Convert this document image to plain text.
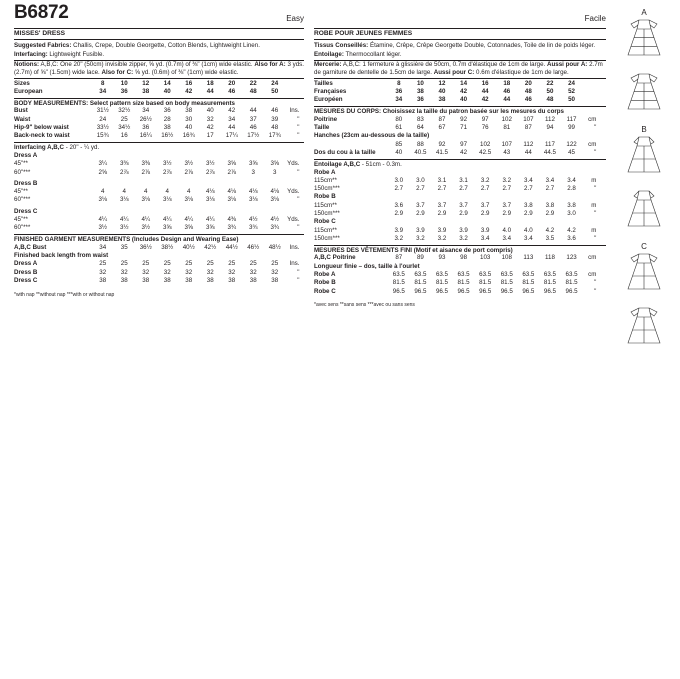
B6872	Easy
MISSES' DRESS

Suggested Fabrics: Challis, Crepe, Double Georgette, Cotton Blends, Lightweight Linen.

Interfacing: Lightweight Fusible.

Notions: A,B,C: One 20" (50cm) invisible zipper, ⅝ yd. (0.7m) of ⅜" (1cm) wide elastic. Also for A: 3 yds.(2.7m) of ⅝" (1.5cm) wide lace. Also for C: ⅝ yd. (0.6m) of ⅜" (1cm) wide elastic.

Sizes	8	10	12	14	16	18	20	22	24
European	34	36	38	40	42	44	46	48	50
BODY MEASUREMENTS: Select pattern size based on body measurements
Bust	31½	32½	34	36	38	40	42	44	46	Ins.
Waist	24	25	26½	28	30	32	34	37	39	"
Hip-9" below waist	33½	34½	36	38	40	42	44	46	48	"
Back-neck to waist	15¾	16	16¼	16½	16¾	17	17¼	17½	17¾	"
Interfacing A,B,C - 20" - ¼ yd.
Dress A
45"**	3¼	3⅜	3⅜	3½	3½	3½	3⅝	3⅝	3⅝	Yds.
60"***	2⅝	2⅞	2⅞	2⅞	2⅞	2⅞	2⅞	3	3	"
Dress B
45"**	4	4	4	4	4	4⅛	4⅛	4⅛	4⅛	Yds.
60"***	3⅛	3⅛	3⅛	3⅛	3⅛	3⅛	3⅛	3⅛	3⅛	"
Dress C
45"**	4¼	4¼	4¼	4¼	4¼	4¼	4⅜	4½	4½	Yds.
60"***	3½	3½	3½	3⅝	3⅝	3⅝	3¾	3¾	3¾	"
FINISHED GARMENT MEASUREMENTS (Includes Design and Wearing Ease)
A,B,C Bust	34	35	36½	38½	40½	42½	44½	46½	48½	Ins.
Finished back length from waist
Dress A	25	25	25	25	25	25	25	25	25	Ins.
Dress B	32	32	32	32	32	32	32	32	32	"
Dress C	38	38	38	38	38	38	38	38	38	"
*with nap **without nap ***with or without nap
Facile
ROBE POUR JEUNES FEMMES

Tissus Conseillés: Étamine, Crêpe, Crêpe Georgette Double, Cotonnades, Toile de lin de poids léger.

Entoilage: Thermocollant léger.

Mercerie: A,B,C: 1 fermeture à glissière de 50cm, 0.7m d'élastique de 1cm de large. Aussi pour A: 2.7m de garniture de dentelle de 1.5cm de large. Aussi pour C: 0.6m d'élastique de 1cm de large.

Tailles	8	10	12	14	16	18	20	22	24
Françaises	36	38	40	42	44	46	48	50	52
Européen	34	36	38	40	42	44	46	48	50
MESURES DU CORPS: Choisissez la taille du patron basée sur les mesures du corps
Poitrine	80	83	87	92	97	102	107	112	117	cm
Taille	61	64	67	71	76	81	87	94	99	"
Hanches (23cm au-dessous de la taille)
85	88	92	97	102	107	112	117	122	cm
Dos du cou à la taille	40	40.5	41.5	42	42.5	43	44	44.5	45	"
Entoilage A,B,C - 51cm - 0.3m.
Robe A
115cm**	3.0	3.0	3.1	3.1	3.2	3.2	3.4	3.4	3.4	m
150cm***	2.7	2.7	2.7	2.7	2.7	2.7	2.7	2.7	2.8	"
Robe B
115cm**	3.6	3.7	3.7	3.7	3.7	3.7	3.8	3.8	3.8	m
150cm***	2.9	2.9	2.9	2.9	2.9	2.9	2.9	2.9	3.0	"
Robe C
115cm**	3.9	3.9	3.9	3.9	3.9	4.0	4.0	4.2	4.2	m
150cm***	3.2	3.2	3.2	3.2	3.4	3.4	3.4	3.5	3.6	"
MESURES DES VÊTEMENTS FINI (Motif et aisance de port compris)
A,B,C Poitrine	87	89	93	98	103	108	113	118	123	cm
Longueur finie – dos, taille à l'ourlet
Robe A	63.5	63.5	63.5	63.5	63.5	63.5	63.5	63.5	63.5	cm
Robe B	81.5	81.5	81.5	81.5	81.5	81.5	81.5	81.5	81.5	"
Robe C	96.5	96.5	96.5	96.5	96.5	96.5	96.5	96.5	96.5	"
*avec sens **sans sens ***avec ou sans sens
A
B
C
